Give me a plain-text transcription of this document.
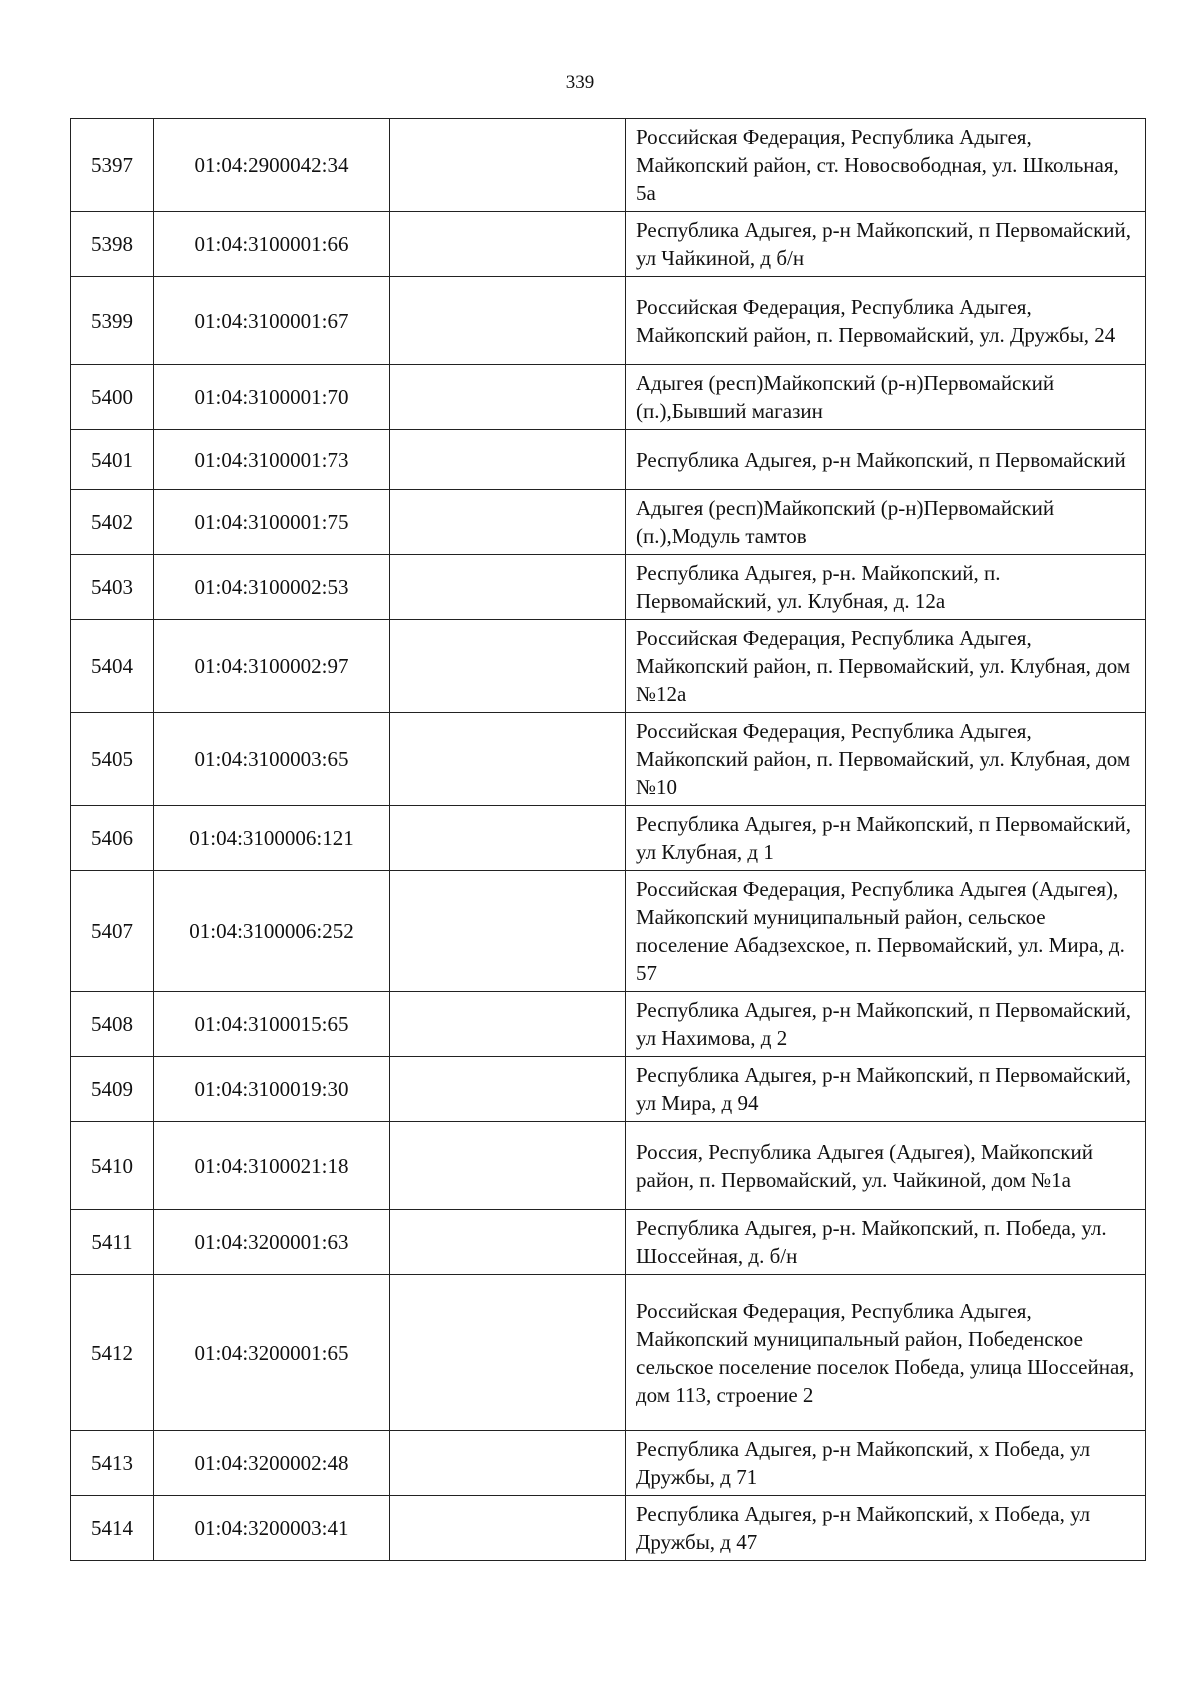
339
5397	01:04:2900042:34		Российская Федерация, Республика Адыгея, Майкопский район, ст. Новосвободная, ул. Школьная, 5а
5398	01:04:3100001:66		Республика Адыгея, р-н Майкопский, п Первомайский, ул Чайкиной, д б/н
5399	01:04:3100001:67		Российская Федерация, Республика Адыгея, Майкопский район, п. Первомайский, ул. Дружбы, 24
5400	01:04:3100001:70		Адыгея (респ)Майкопский (р-н)Первомайский (п.),Бывший магазин
5401	01:04:3100001:73		Республика Адыгея, р-н Майкопский, п Первомайский
5402	01:04:3100001:75		Адыгея (респ)Майкопский (р-н)Первомайский (п.),Модуль тамтов
5403	01:04:3100002:53		Республика Адыгея, р-н. Майкопский, п. Первомайский, ул. Клубная, д. 12а
5404	01:04:3100002:97		Российская Федерация, Республика Адыгея, Майкопский район, п. Первомайский, ул. Клубная, дом №12а
5405	01:04:3100003:65		Российская Федерация, Республика Адыгея, Майкопский район, п. Первомайский, ул. Клубная, дом №10
5406	01:04:3100006:121		Республика Адыгея, р-н Майкопский, п Первомайский, ул Клубная, д 1
5407	01:04:3100006:252		Российская Федерация, Республика Адыгея (Адыгея), Майкопский муниципальный район, сельское поселение Абадзехское, п. Первомайский, ул. Мира, д. 57
5408	01:04:3100015:65		Республика Адыгея, р-н Майкопский, п Первомайский, ул Нахимова, д 2
5409	01:04:3100019:30		Республика Адыгея, р-н Майкопский, п Первомайский, ул Мира, д 94
5410	01:04:3100021:18		Россия, Республика Адыгея (Адыгея), Майкопский район, п. Первомайский, ул. Чайкиной, дом №1а
5411	01:04:3200001:63		Республика Адыгея, р-н. Майкопский, п. Победа, ул. Шоссейная, д. б/н
5412	01:04:3200001:65		Российская Федерация, Республика Адыгея, Майкопский муниципальный район, Победенское сельское поселение поселок Победа, улица Шоссейная, дом 113, строение 2
5413	01:04:3200002:48		Республика Адыгея, р-н Майкопский, х Победа, ул Дружбы, д 71
5414	01:04:3200003:41		Республика Адыгея, р-н Майкопский, х Победа, ул Дружбы, д 47
